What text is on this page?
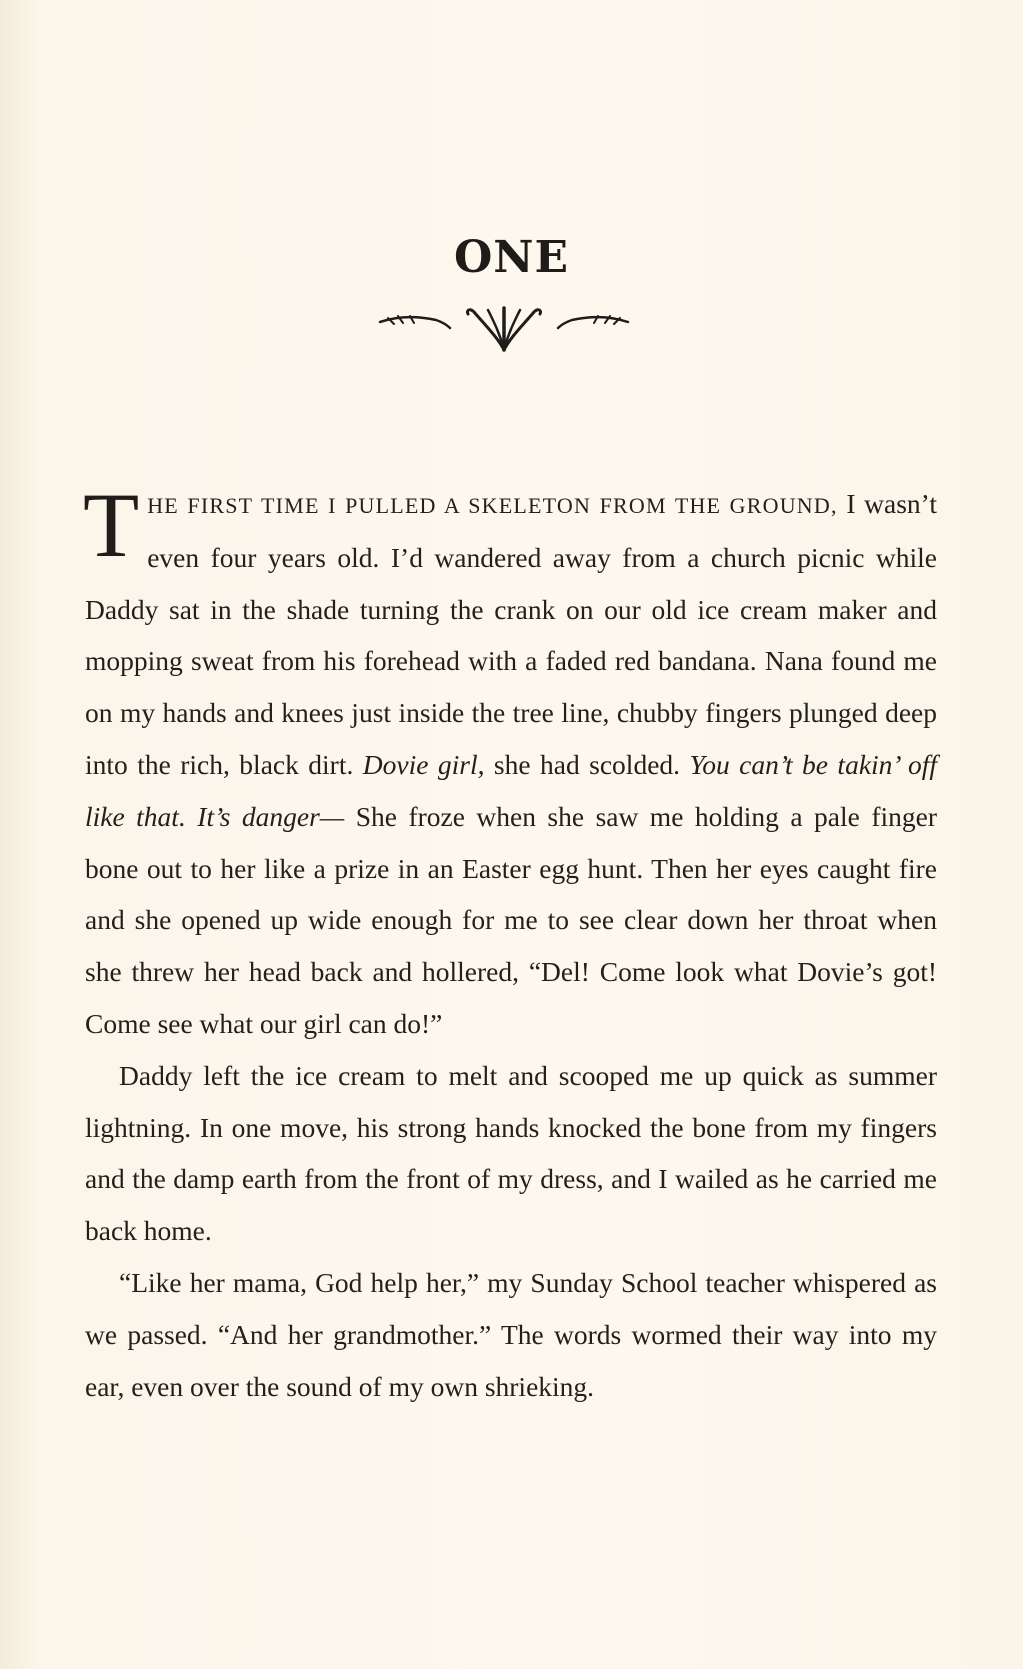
ONE

THE FIRST TIME I PULLED A SKELETON FROM THE GROUND, I wasn’t even four years old. I’d wandered away from a church picnic while Daddy sat in the shade turning the crank on our old ice cream maker and mopping sweat from his forehead with a faded red bandana. Nana found me on my hands and knees just inside the tree line, chubby fingers plunged deep into the rich, black dirt. Dovie girl, she had scolded. You can’t be takin’ off like that. It’s danger— She froze when she saw me holding a pale finger bone out to her like a prize in an Easter egg hunt. Then her eyes caught fire and she opened up wide enough for me to see clear down her throat when she threw her head back and hollered, “Del! Come look what Dovie’s got! Come see what our girl can do!”

Daddy left the ice cream to melt and scooped me up quick as summer lightning. In one move, his strong hands knocked the bone from my fingers and the damp earth from the front of my dress, and I wailed as he carried me back home.

“Like her mama, God help her,” my Sunday School teacher whispered as we passed. “And her grandmother.” The words wormed their way into my ear, even over the sound of my own shrieking.
